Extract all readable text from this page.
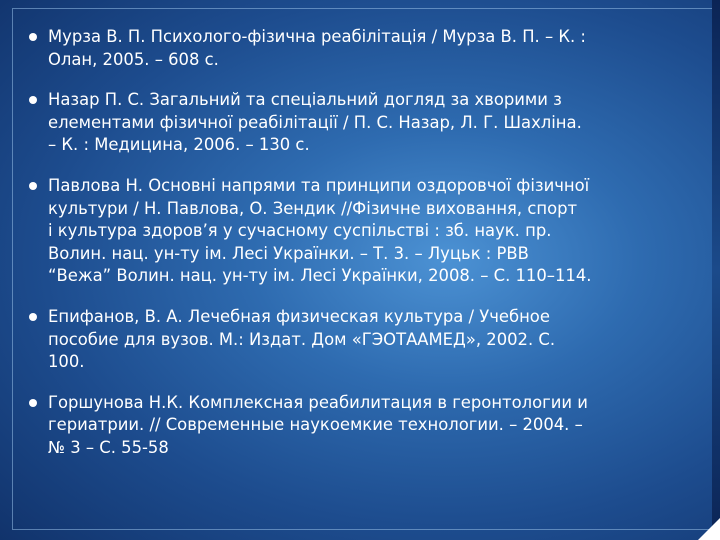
Мурза В. П. Психолого-фізична реабілітація / Мурза В. П. – К. :
Олан, 2005. – 608 с.
Назар П. С. Загальний та спеціальний догляд за хворими з
елементами фізичної реабілітації / П. С. Назар, Л. Г. Шахліна.
– К. : Медицина, 2006. – 130 с.
Павлова Н. Основні напрями та принципи оздоровчої фізичної
культури / Н. Павлова, О. Зендик //Фізичне виховання, спорт
і культура здоров’я у сучасному суспільстві : зб. наук. пр.
Волин. нац. ун-ту ім. Лесі Українки. – Т. 3. – Луцьк : РВВ
“Вежа” Волин. нац. ун-ту ім. Лесі Українки, 2008. – С. 110–114.
Епифанов, В. А. Лечебная физическая культура / Учебное
пособие для вузов. М.: Издат. Дом «ГЭОТААМЕД», 2002. С.
100.
Горшунова Н.К. Комплексная реабилитация в геронтологии и
гериатрии. // Современные наукоемкие технологии. – 2004. –
№ 3 – С. 55-58
